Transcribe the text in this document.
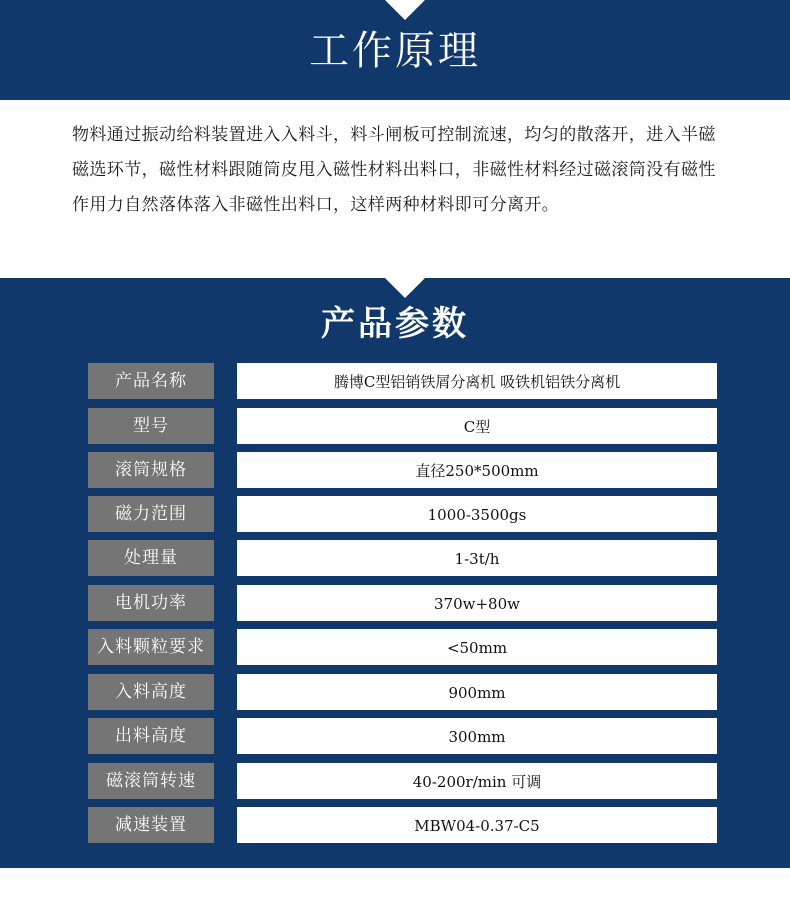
工作原理
物料通过振动给料装置进入入料斗，料斗闸板可控制流速，均匀的散落开，进入半磁磁选环节，磁性材料跟随筒皮甩入磁性材料出料口，非磁性材料经过磁滚筒没有磁性作用力自然落体落入非磁性出料口，这样两种材料即可分离开。
产品参数
产品名称	腾博C型铝销铁屑分离机 吸铁机铝铁分离机
型号	C型
滚筒规格	直径250*500mm
磁力范围	1000-3500gs
处理量	1-3t/h
电机功率	370w+80w
入料颗粒要求	<50mm
入料高度	900mm
出料高度	300mm
磁滚筒转速	40-200r/min 可调
减速装置	MBW04-0.37-C5
